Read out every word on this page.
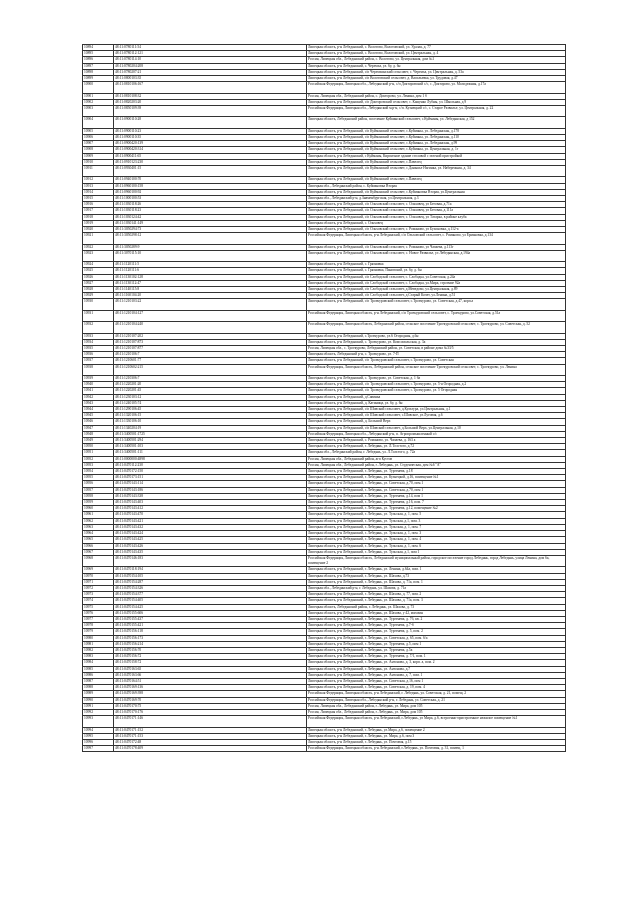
10894	48:11:0780111:54	Липецкая область, р-н Лебедянский, с. Волотово, Волотовский, ул. Удалая, д. 77
10895	48:11:0780112:121	Липецкая область, р-н Лебедянский, с. Волотово, Волотовский, ул. Центральная, д. 4
10896	48:11:0780114:10	Россия, Липецкая обл., Лебедянский район, с. Волотово, ул. Центральная, дом №1
10897	48:11:0780204:208	Липецкая область, р-н Лебедянский, с. Черемха, ул. 6у, д. 6н
10898	48:11:0780207:21	Липецкая область, р-н Лебедянский, с/п Черемхинский сельсовет, с. Черемха, ул. Центральная, д. 53а
10899	48:11:0800103:35	Липецкая область, р-н Лебедянский, с/п Волотовский сельсовет, д. Васильевка, ул. Трудовая, д.47
10900	48:11:0810106:167	Российская Федерация, Липецкая обл., Лебедянский р-н, с/п Докторовский с/с, с. Докторово, ул. Молодежная, д.17а
10901	48:11:0810108:32	Россия, Липецкая обл., Лебедянский район, с. Докторово, ул. Ленина, дом 1 б
10902	48:11:0820203:20	Липецкая область, р-н Лебедянский, с/п Докторовский сельсовет, с. Кащенко Лубны, ул. Школьная, д.9
10903	48:11:0850109:39	Российская Федерация, Липецкая обл., Лебедянский м.р-н, с/п. Кузнецкий с/с, с. Старое Развилье, ул. Центральная, д. 22
10904	48:11:0900110:28	Липецкая область, Лебедянский район, поселение Куйманский сельсовет, с.Куйманы, ул. Лебедянская, д 152
10905	48:11:0900110:23	Липецкая область, р-н Лебедянский, с/п Куйманский сельсовет, с.Куйманы, ул. Лебедянская, д.178
10906	48:11:0900110:35	Липецкая область, р-н Лебедянский, с/п Куйманский сельсовет, с.Куйманы, ул. Лебедянская, д.110
10907	48:11:0900420:139	Липецкая область, р-н Лебедянский, с/п Куйманский сельсовет, с.Куйманы, ул. Лебедянская, д.99
10908	48:11:0900420:314	Липецкая область, р-н Лебедянский, с/п Куйманский сельсовет, с.Куйманы, ул. Центральная, д. 1г
10909	48:11:0900411:65	Липецкая область, р-н Лебедянский, с Куйманы, Кирпичное здание столовой с зеленой пристройкой
10910	48:11:0910123:230	Липецкая область, р-н Лебедянский, с/п Куйманский сельсовет, с.Павелец
10911	48:11:0930401:15	Липецкая область, р-н Лебедянский, с/п Куйманский сельсовет, с.Даньшье Нагинка, ул. Набережная, д. 34
10912	48:11:0940100:70	Липецкая область, р-н Лебедянский, с/п Куйманский сельсовет, с.Павелец
10913	48:11:0960100:158	Липецкая обл., Лебедянский район, с. Куймановка Вторая
10914	48:11:0960100:92	Липецкая область, р-н Лебедянский, с/п Куйманский сельсовет, с.Куймановка Вторая, ул.Центральная
10915	48:11:1000100:53	Липецкая обл., Лебедянский р-н, д.Знаменбургская, ул.Центральная, д.3
10916	48:11:1030118:26	Липецкая область, р-н Лебедянский, с/п Ольховский сельсовет, с. Ольховец, ул Беговая, д.71а
10917	48:11:1030118:23	Липецкая область, р-н Лебедянский, с/п Ольховский сельсовет, с. Ольховец, ул Беговая, д.111а
10918	48:11:1030124:42	Липецкая область, р-н Лебедянский, с/п Ольховский сельсовет, с. Ольховец, ул Татарка, в районе клуба
10919	48:11:1030141:149	Липецкая область, р-н Лебедянский, с. Ольховец
10920	48:11:3050294:73	Липецкая область, р-н Лебедянский, с/п Ольховский сельсовет, с. Романово, ул Бухоновка, д.112-а
10921	48:11:3050298:12	Российская Федерация, Липецкая область, р-н Лебедянский, с/п Ольховский сельсовет, с. Романово, ул Ермаковка, д.134
10922	48:11:3050289:9	Липецкая область, р-н Лебедянский, с/п Ольховский сельсовет, с. Романово, ул Чапаева, д.113г
10923	48:11:3070115:10	Липецкая область, р-н Лебедянский, с/п Ольховский сельсовет, с. Новое Развилье, ул Лебедянская, д.194а
10924	48:11:1120111:5	Липецкая область, р-н Лебедянский, с. Грязновка
10925	48:11:1120111:6	Липецкая область, р-н Лебедянский, с. Грязновка, Пановский, ул. 6у, д. 6н
10926	48:11:1130102:128	Липецкая область, р-н Лебедянский, с/п Слободской сельсовет, с. Слободка, ул.Советская, д.24а
10927	48:11:1130112:47	Липецкая область, р-н Лебедянский, с/п Слободской сельсовет, с. Слободка, ул.Мира, строение 92а
10928	48:11:1140115:8	Липецкая область, р-н Лебедянский, с/п Слободской сельсовет, д.Меведово, ул.Центральная, д.89
10929	48:11:1160104:20	Липецкая область, р-н Лебедянский, с/п Слободской сельсовет, д.Старый Кочет, ул.Ленина, д.51
10930	48:11:1210103:22	Липецкая область, р-н Лебедянский, с/п Троекуровский сельсовет, с.Троекурово, ул. Советская, д.47, корп.а
10931	48:11:1210104:127	Российская Федерация, Липецкая область, р-н Лебедянский, с/п Троекуровский сельсовет, с. Троекурово, ул.Советская, д.51а
10932	48:11:1210104:240	Российская Федерация, Липецкая область, Лебедянский район, сельское поселение Троекуровский сельсовет, с. Троекурово, ул. Советская, д. 52
10933	48:11:1210107:202	Липецкая область, р-н Лебедянский, с.Троекурово, ул.6 Огородная, д.6н
10934	48:11:1210107:873	Липецкая область, р-н Лебедянский, с. Троекурово, ул. Комсомольская, д. 3а
10935	48:11:1210107:877	Россия, Липецкая обл., с. Троекурово, Лебедянский район, ул. Советская, в районе дома №33/5
10936	48:11:1210106:7	Липецкая область, Лебедянский р-н, с. Троекурово, ул. 7-П
10937	48:11:1210601:77	Липецкая область, р-н Лебедянский, с/п Троекуровский сельсовет, с.Троекурово, ул. Советская
10938	48:11:1210602:215	Российская Федерация, Липецкая область, Лебедянский район, сельское поселение Троекуровский сельсовет, с. Троекурово, ул. Ленина
10939	48:11:1210306:7	Липецкая область, р-н Лебедянский, с. Троекурово, ул. Советская, д. 1 ба
10940	48:11:1220201:20	Липецкая область, р-н Лебедянский, с/п Троекуровский сельсовет, с.Троекурово, ул. 5-я Огородная, д.2
10941	48:11:1220201:45	Липецкая область, р-н Лебедянский, с/п Троекуровский сельсовет, с.Троекурово, ул. 5 Огородная
10942	48:11:1230103:12	Липецкая область, р-н Лебедянский, д.Савинка
10943	48:11:1240105:74	Липецкая область, р-н Лебедянский, д. Катиница, ул. 6у, д. 6н
10944	48:11:1290106:45	Липецкая область, р-н Лебедянский, с/п Шовский сельсовет, д.Культура, ул.Центральная, д.1
10945	48:11:1320106:15	Липецкая область, р-н Лебедянский, с/п Шовский сельсовет, с.Шовское, ул.Луговая, д.6
10946	48:11:1330106:10	Липецкая область, р-н Лебедянский, д. Большой Верх
10947	48:11:1340204:19	Липецкая область, р-н Лебедянский, с/п Шовский сельсовет, д.Большой Верх, ул.Центральная, д.10
10948	48:11:3400501:1725	Российская Федерация, Липецкая обл., Лебедянский р-н, п. Агропромышленный с/с
10949	48:11:3400501:294	Липецкая область, р-н Лебедянский, с. Романово, ул. Чапаева, д. 163 а
10950	48:11:3400501:103	Липецкая область, р-н Лебедянский, г. Лебедянь, ул. Л.Толстого, д.72
10951	48:11:3400501:111	Липецкая обл., Лебедянский район, г. Лебедянь, ул. Л.Толстого, д. 72а
10952	48:11:0000000:4898	Россия, Липецкая обл., Лебедянский район, агп Кустов
10953	48:11:0470112:230	Россия, Липецкая обл., Лебедянский район, г. Лебедянь, ул. Студенческая, дом №6 "А"
10954	48:11:0470172:150	Липецкая область, р-н Лебедянский, г. Лебедянь, ул. Тургенева, д.18
10955	48:11:0470173:151	Липецкая область, р-н Лебедянский, г. Лебедянь, ул. Кузнецкой, д.16, помещение №1
10956	48:11:0470143:114	Липецкая область, р-н Лебедянский, г. Лебедянь, ул. Советская, д.70, пом.1
10957	48:11:0470143:186	Липецкая область, р-н Лебедянский, г. Лебедянь, ул. Советская, д.70, пом 1
10958	48:11:0470143:338	Липецкая область, р-н Лебедянский, г. Лебедянь, ул. Тургенева, д.14, пом 1
10959	48:11:0470143:403	Липецкая область, р-н Лебедянский, г. Лебедянь, ул. Тургенева, д.16, пом. 7
10960	48:11:0470143:412	Липецкая область, р-н Лебедянский, г. Лебедянь, ул. Тургенева, д.12, помещение №2
10961	48:11:0470143:470	Липецкая область, р-н Лебедянский, г. Лебедянь, ул. Тульская, д. 1, пом. 5
10962	48:11:0470143:421	Липецкая область, р-н Лебедянский, г. Лебедянь, ул. Тульская, д.1, пом. 3
10963	48:11:0470143:432	Липецкая область, р-н Лебедянский, г. Лебедянь, ул. Тульская, д. 1, пом. 7
10964	48:11:0470143:424	Липецкая область, р-н Лебедянский, г. Лебедянь, ул. Тульская, д. 1, пом. 3
10965	48:11:0470143:425	Липецкая область, р-н Лебедянский, г. Лебедянь, ул. Тульская, д. 1, пом. 4
10966	48:11:0470143:426	Липецкая область, р-н Лебедянский, г. Лебедянь, ул. Тульская, д. 1, пом. 6
10967	48:11:0470143:435	Липецкая область, р-н Лебедянский, г. Лебедянь, ул. Тульская, д.1, пом 1
10968	48:11:0470146:183	Российская Федерация, Липецкая область, Лебедянский муниципальный район, городское поселение город Лебедянь, город Лебедянь, улица Ленина, дом 6а, помещение 2
10969	48:11:0470118:194	Липецкая область, р-н Лебедянский, г. Лебедянь, ул. Ленина, д.64а, пом. 1
10970	48:11:0470154:105	Липецкая область, р-н Лебедянский, г. Лебедянь, ул. Шахова, д.73
10971	48:11:0470154:287	Липецкая область, р-н Лебедянский, г. Лебедянь, ул. Шахова, д. 71а, пом. 1
10972	48:11:0470154:326	Липецкая обл., Лебедянский р-н, г. Лебедянь, ул. Шахова, д. 71а
10973	48:11:0470154:377	Липецкая область, р-н Лебедянский, г. Лебедянь, ул. Шахова, д. 77, пом. 2
10974	48:11:0470154:405	Липецкая область, р-н Лебедянский, г. Лебедянь, ул. Шахова, д. 71а, пом. 3
10975	48:11:0470154:425	Липецкая область, Лебедянский район, г. Лебедянь, ул. Шахова, д. 73
10976	48:11:0470155:606	Липецкая область, р-н Лебедянский, г. Лебедянь, ул. Шахова, у 42, магазин
10977	48:11:0470155:437	Липецкая область, р-н Лебедянский, г. Лебедянь, ул. Тургенева, д. 7б, кв. 2
10978	48:11:0470155:421	Липецкая область, р-н Лебедянский, г. Лебедянь, ул. Тургенева, д.7-б
10979	48:11:0470156:118	Липецкая область, р-н Лебедянский, г. Лебедянь, ул. Тургенева, д. 5, пом. 2
10980	48:11:0470156:173	Липецкая область, р-н Лебедянский, г. Лебедянь, ул. Советская, д. 65, пом. 6/а
10981	48:11:0470156:214	Липецкая область, р-н Лебедянский, г. Лебедянь, ул. Тургенева, д.5, пом 1
10982	48:11:0470156:70	Липецкая область, р-н Лебедянский, г. Лебедянь, ул. Тургенева, д.5а
10983	48:11:0470156:72	Липецкая область, р-н Лебедянский, г. Лебедянь, ул. Тургенева, д. 7/1, пом. 1
10984	48:11:0470158:72	Липецкая область, р-н Лебедянский, г. Лебедянь, ул. Антонова, д. 3, корп. а, пом. 2
10985	48:11:0470163:65	Липецкая область, р-н Лебедянский, г. Лебедянь, ул. Антонова, д.7
10986	48:11:0470163:66	Липецкая область, р-н Лебедянский, г. Лебедянь, ул. Антонова, д. 7, пом. 1
10987	48:11:0470164:51	Липецкая область, р-н Лебедянский, г. Лебедянь, ул. Советская, д.16, пом 1
10988	48:11:0470169:136	Липецкая область, р-н Лебедянский, г. Лебедянь, ул. Советская, д. 19, пом. 4
10989	48:11:0470169:398	Российская Федерация, Липецкая область, р-н Лебедянский, г. Лебедянь, ул. Советская, д. 21, помещ. 2
10990	48:11:0470169:70	Российская Федерация, Липецкая обл., Лебедянский р-н, г. Лебедянь, ул. Советская, д. 21
10991	48:11:0470170:75	Россия, Липецкая обл., Лебедянский район, г. Лебедянь, ул. Мира, дом 105
10992	48:11:0470170:176	Россия, Липецкая обл., Лебедянский район, г. Лебедянь, ул. Мира, дом 105
10993	48:11:0470171:146	Российская Федерация, Липецкая область, р-н Лебедянский, г.Лебедянь, ул Мира, д.6, встроенно-пристроенное нежилое помещение №1
10994	48:11:0470171:152	Липецкая область, р-н Лебедянский, г. Лебедянь, ул.Мира, д.6, помещение 2
10995	48:11:0470171:153	Липецкая область, р-н Лебедянский, г. Лебедянь, ул. Мира, д.6, пом 3
10996	48:11:0470172:48	Липецкая область, р-н Лебедянский, г. Лебедянь, ул. Почтовая, д.15
10997	48:11:0470178:409	Российская Федерация, Липецкая область, р-н Лебедянский, г.Лебедянь, ул. Почтовая, д. 31, помещ. 1
